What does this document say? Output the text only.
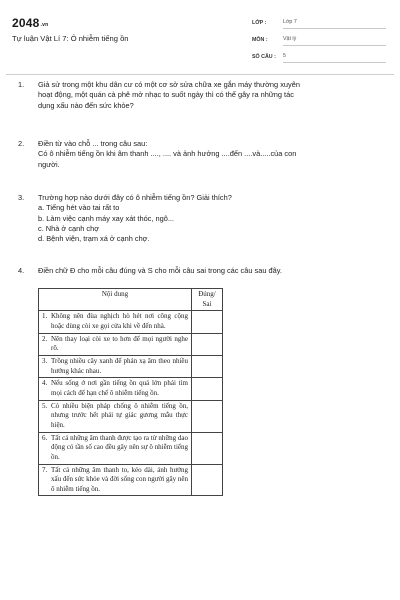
2048.vn
Tự luận Vật Lí 7: Ô nhiễm tiếng ồn
LỚP :	Lớp 7
MÔN :	Vật lý
SỐ CÂU :	5
1.	Giả sử trong một khu dân cư có một cơ sở sửa chữa xe gắn máy thường xuyên

hoạt động, một quán cà phê mở nhạc to suốt ngày thì có thể gây ra những tác

dụng xấu nào đến sức khỏe?

2.	Điền từ vào chỗ ... trong câu sau:

Có ô nhiễm tiếng ồn khi âm thanh ...., .... và ảnh hưởng ....đến ....và.....của con

người.

3.	Trường hợp nào dưới đây có ô nhiễm tiếng ồn? Giải thích?

a. Tiếng hét vào tai rất to

b. Làm việc cạnh máy xay xát thóc, ngô...

c. Nhà ở cạnh chợ

d. Bệnh viện, trạm xá ở cạnh chợ.

4.	Điền chữ Đ cho mỗi câu đúng và S cho mỗi câu sai trong các câu sau đây.

Nội dung	Đúng/
Sai

1. Không nên đùa nghịch hò hét nơi công cộng hoặc dùng còi xe gọi cửa khi về đến nhà.	

2. Nên thay loại còi xe to hơn để mọi người nghe rõ.	

3. Trồng nhiều cây xanh để phản xạ âm theo nhiều hướng khác nhau.	

4. Nếu sống ở nơi gần tiếng ồn quá lớn phải tìm mọi cách để hạn chế ô nhiễm tiếng ồn.	

5. Có nhiều biện pháp chống ô nhiễm tiếng ồn, nhưng trước hết phải tự giác gương mẫu thực hiện.	

6. Tất cả những âm thanh được tạo ra từ những dao động có tần số cao đều gây nên sự ô nhiễm tiếng ồn.	

7. Tất cả những âm thanh to, kéo dài, ảnh hưởng xấu đến sức khỏe và đời sống con người gây nên ô nhiễm tiếng ồn.	
